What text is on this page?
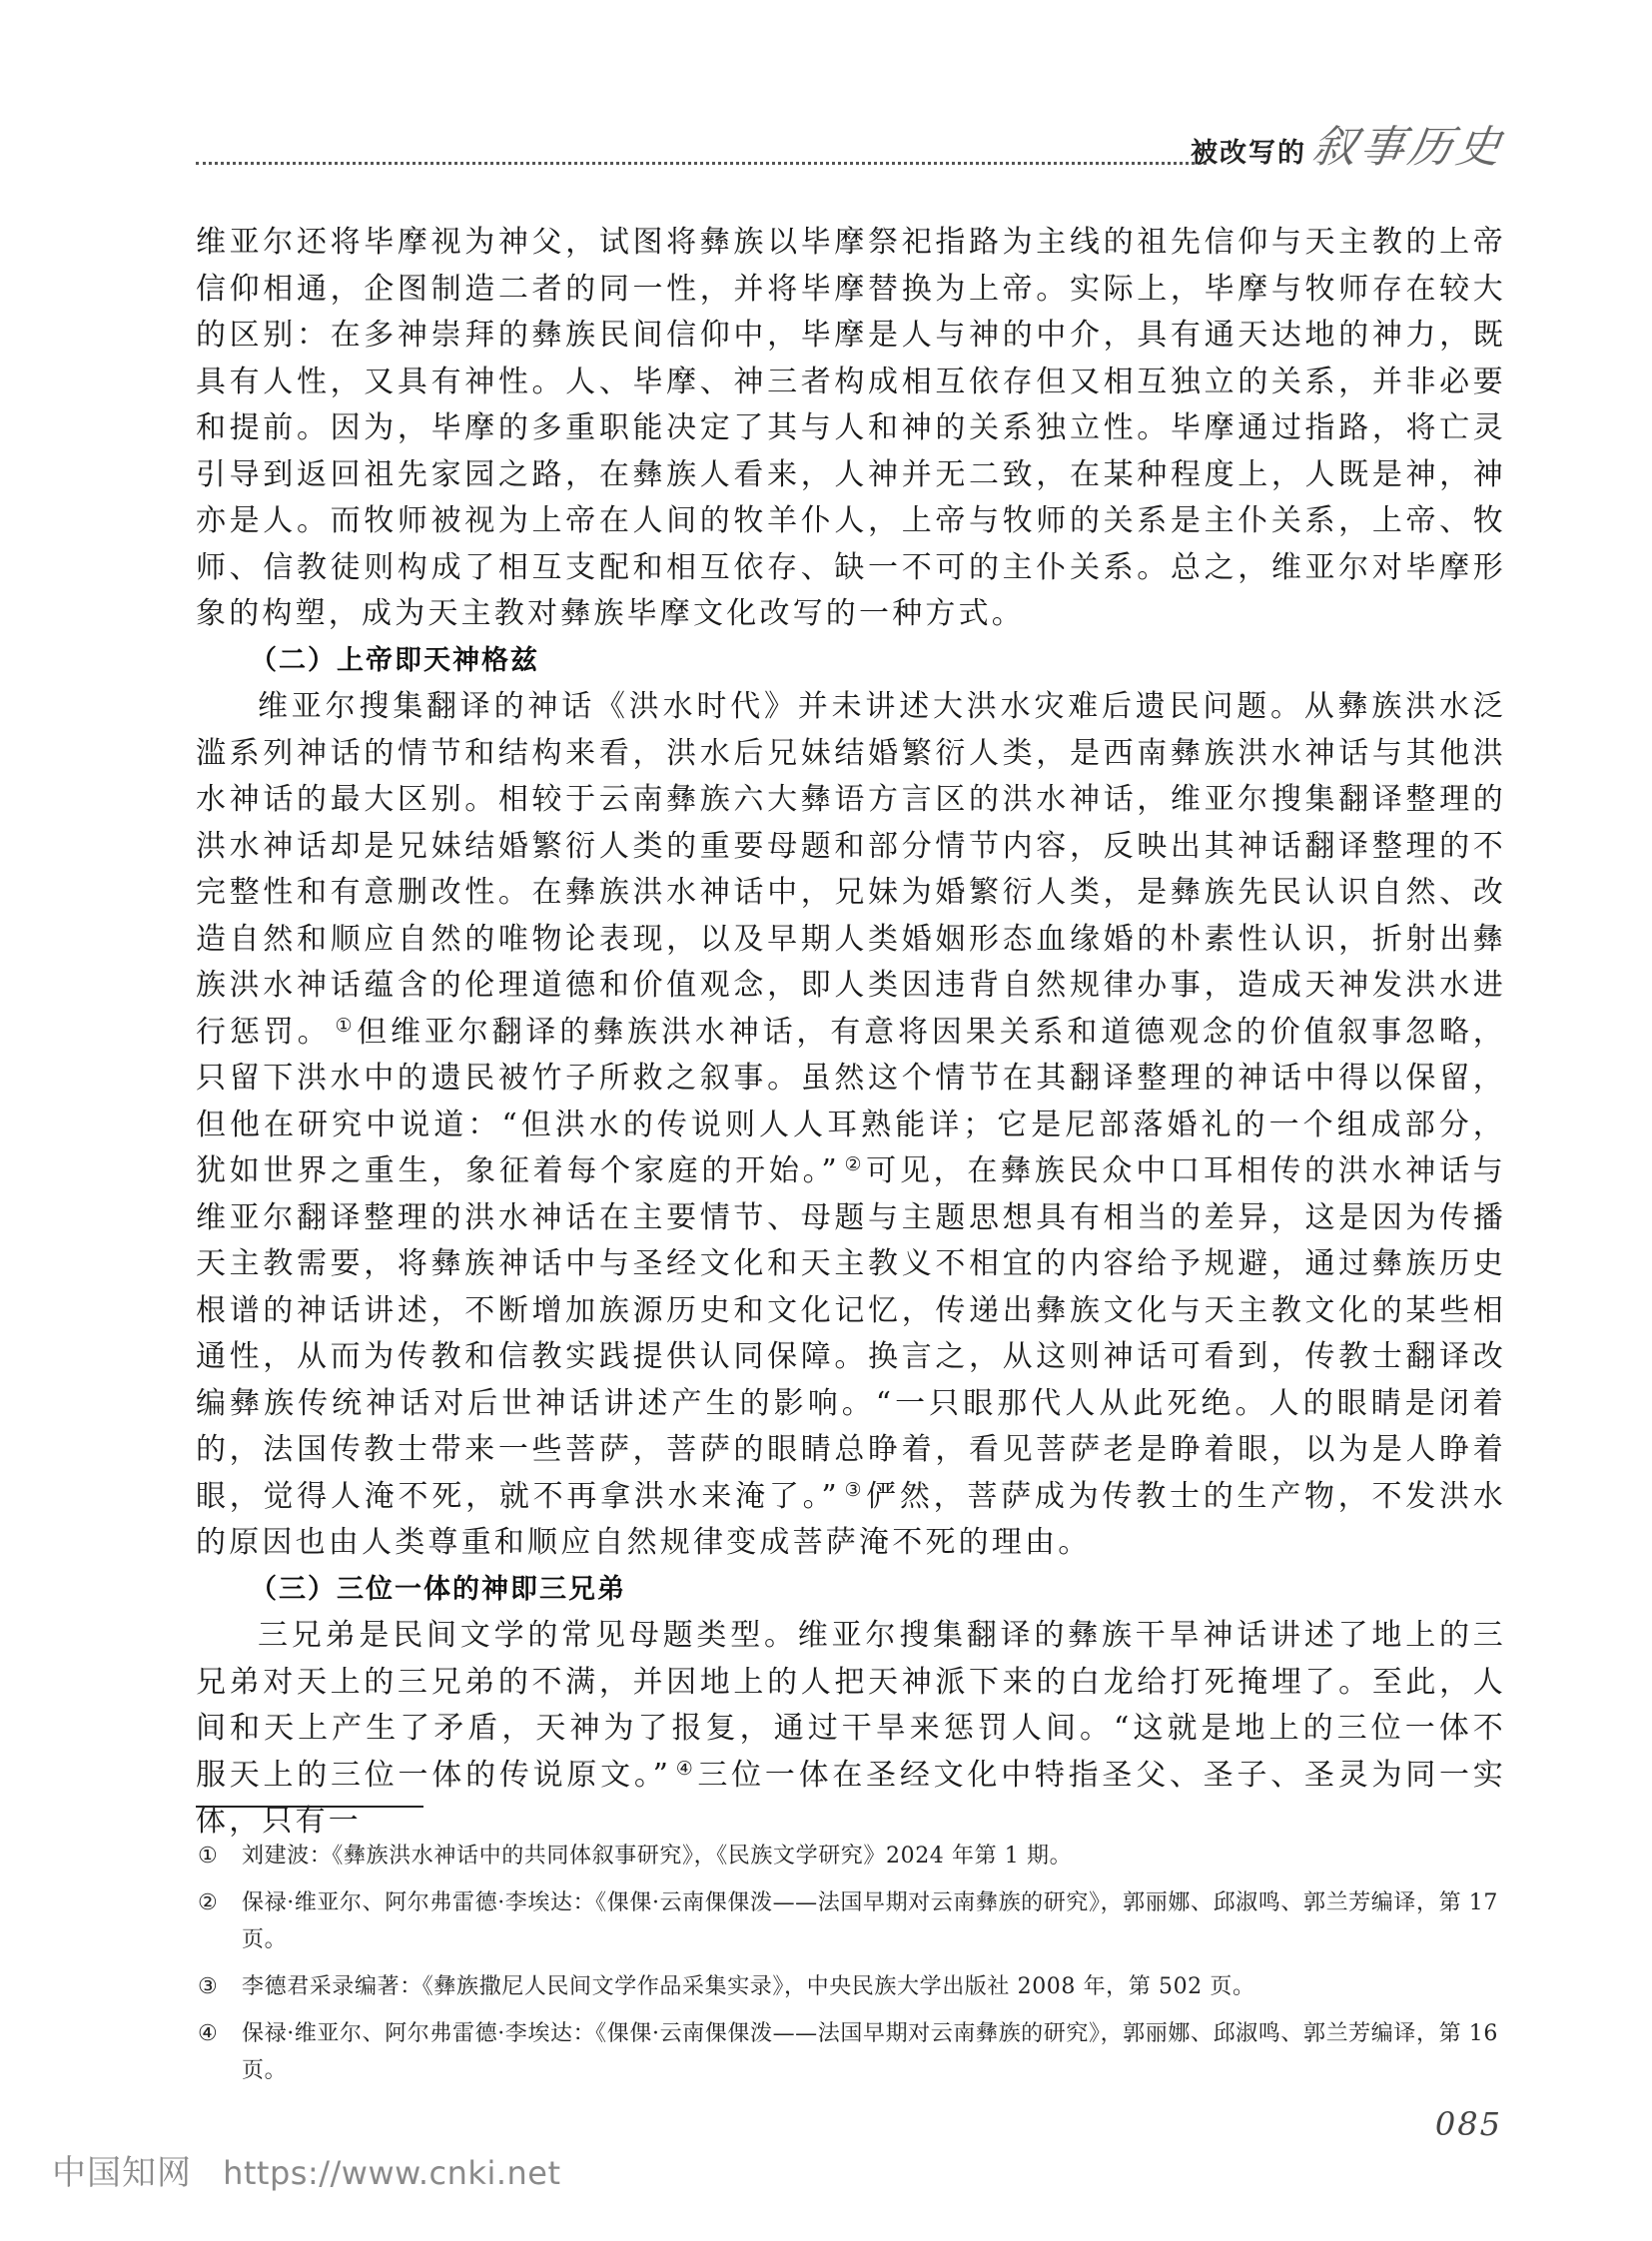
被改写的 叙事历史

维亚尔还将毕摩视为神父，试图将彝族以毕摩祭祀指路为主线的祖先信仰与天主教的上帝信仰相通，企图制造二者的同一性，并将毕摩替换为上帝。实际上，毕摩与牧师存在较大的区别：在多神崇拜的彝族民间信仰中，毕摩是人与神的中介，具有通天达地的神力，既具有人性，又具有神性。人、毕摩、神三者构成相互依存但又相互独立的关系，并非必要和提前。因为，毕摩的多重职能决定了其与人和神的关系独立性。毕摩通过指路，将亡灵引导到返回祖先家园之路，在彝族人看来，人神并无二致，在某种程度上，人既是神，神亦是人。而牧师被视为上帝在人间的牧羊仆人，上帝与牧师的关系是主仆关系，上帝、牧师、信教徒则构成了相互支配和相互依存、缺一不可的主仆关系。总之，维亚尔对毕摩形象的构塑，成为天主教对彝族毕摩文化改写的一种方式。

（二）上帝即天神格兹

维亚尔搜集翻译的神话《洪水时代》并未讲述大洪水灾难后遗民问题。从彝族洪水泛滥系列神话的情节和结构来看，洪水后兄妹结婚繁衍人类，是西南彝族洪水神话与其他洪水神话的最大区别。相较于云南彝族六大彝语方言区的洪水神话，维亚尔搜集翻译整理的洪水神话却是兄妹结婚繁衍人类的重要母题和部分情节内容，反映出其神话翻译整理的不完整性和有意删改性。在彝族洪水神话中，兄妹为婚繁衍人类，是彝族先民认识自然、改造自然和顺应自然的唯物论表现，以及早期人类婚姻形态血缘婚的朴素性认识，折射出彝族洪水神话蕴含的伦理道德和价值观念，即人类因违背自然规律办事，造成天神发洪水进行惩罚。 ① 但维亚尔翻译的彝族洪水神话，有意将因果关系和道德观念的价值叙事忽略，只留下洪水中的遗民被竹子所救之叙事。虽然这个情节在其翻译整理的神话中得以保留，但他在研究中说道：“但洪水的传说则人人耳熟能详；它是尼部落婚礼的一个组成部分，犹如世界之重生，象征着每个家庭的开始。” ② 可见，在彝族民众中口耳相传的洪水神话与维亚尔翻译整理的洪水神话在主要情节、母题与主题思想具有相当的差异，这是因为传播天主教需要，将彝族神话中与圣经文化和天主教义不相宜的内容给予规避，通过彝族历史根谱的神话讲述，不断增加族源历史和文化记忆，传递出彝族文化与天主教文化的某些相通性，从而为传教和信教实践提供认同保障。换言之，从这则神话可看到，传教士翻译改编彝族传统神话对后世神话讲述产生的影响。“一只眼那代人从此死绝。人的眼睛是闭着的，法国传教士带来一些菩萨，菩萨的眼睛总睁着，看见菩萨老是睁着眼，以为是人睁着眼，觉得人淹不死，就不再拿洪水来淹了。” ③ 俨然，菩萨成为传教士的生产物，不发洪水的原因也由人类尊重和顺应自然规律变成菩萨淹不死的理由。

（三）三位一体的神即三兄弟

三兄弟是民间文学的常见母题类型。维亚尔搜集翻译的彝族干旱神话讲述了地上的三兄弟对天上的三兄弟的不满，并因地上的人把天神派下来的白龙给打死掩埋了。至此，人间和天上产生了矛盾，天神为了报复，通过干旱来惩罚人间。“这就是地上的三位一体不服天上的三位一体的传说原文。” ④ 三位一体在圣经文化中特指圣父、圣子、圣灵为同一实体，只有一

① 刘建波：《彝族洪水神话中的共同体叙事研究》，《民族文学研究》2024 年第 1 期。
② 保禄·维亚尔、阿尔弗雷德·李埃达：《倮倮·云南倮倮泼——法国早期对云南彝族的研究》，郭丽娜、邱淑鸣、郭兰芳编译，第 17 页。
③ 李德君采录编著：《彝族撒尼人民间文学作品采集实录》，中央民族大学出版社 2008 年，第 502 页。
④ 保禄·维亚尔、阿尔弗雷德·李埃达：《倮倮·云南倮倮泼——法国早期对云南彝族的研究》，郭丽娜、邱淑鸣、郭兰芳编译，第 16 页。
085
中国知网 https://www.cnki.net
